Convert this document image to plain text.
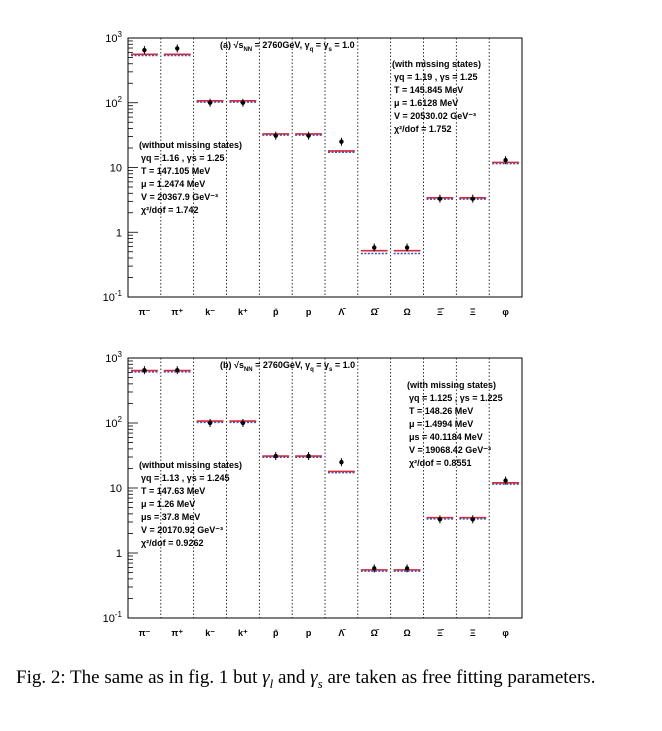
$10^{-1}$
1
10
$10^2$
$10^3$
π⁻ π⁺ k⁻	k⁺	p̄	p	Λ̄	Ω̄	Ω	Ξ̄	Ξ	φ
(a) $√s_{NN} = 2760GeV$, $\gamma_q = \gamma_s = 1.0$
(without missing states)
γq = 1.16 , γs = 1.25
T = 147.105 MeV
μ = 1.2474 MeV
V = 20367.9 GeV⁻³
χ²/dof = 1.742
(with missing states)
γq = 1.19 , γs = 1.25
T = 145.845 MeV
μ = 1.6128 MeV
V = 20530.02 GeV⁻³
χ²/dof = 1.752
$10^{-1}$
1
10
$10^2$
$10^3$
π⁻ π⁺ k⁻	k⁺	p̄	p	Λ̄	Ω̄	Ω	Ξ̄	Ξ	φ
(b) $√s_{NN} = 2760GeV$, $\gamma_q = \gamma_s = 1.0$
(without missing states)
γq = 1.13 , γs = 1.245
T = 147.63 MeV
μ = 1.26 MeV
μs = 37.8 MeV
V = 20170.92 GeV⁻³
χ²/dof = 0.9262
(with missing states)
γq = 1.125 , γs = 1.225
T = 148.26 MeV
μ = 1.4994 MeV
μs = 40.1184 MeV
V = 19068.42 GeV⁻³
χ²/dof = 0.8551
Fig. 2: The same as in fig. 1 but $\gamma_l$ and $\gamma_s$ are taken as free fitting parameters.
